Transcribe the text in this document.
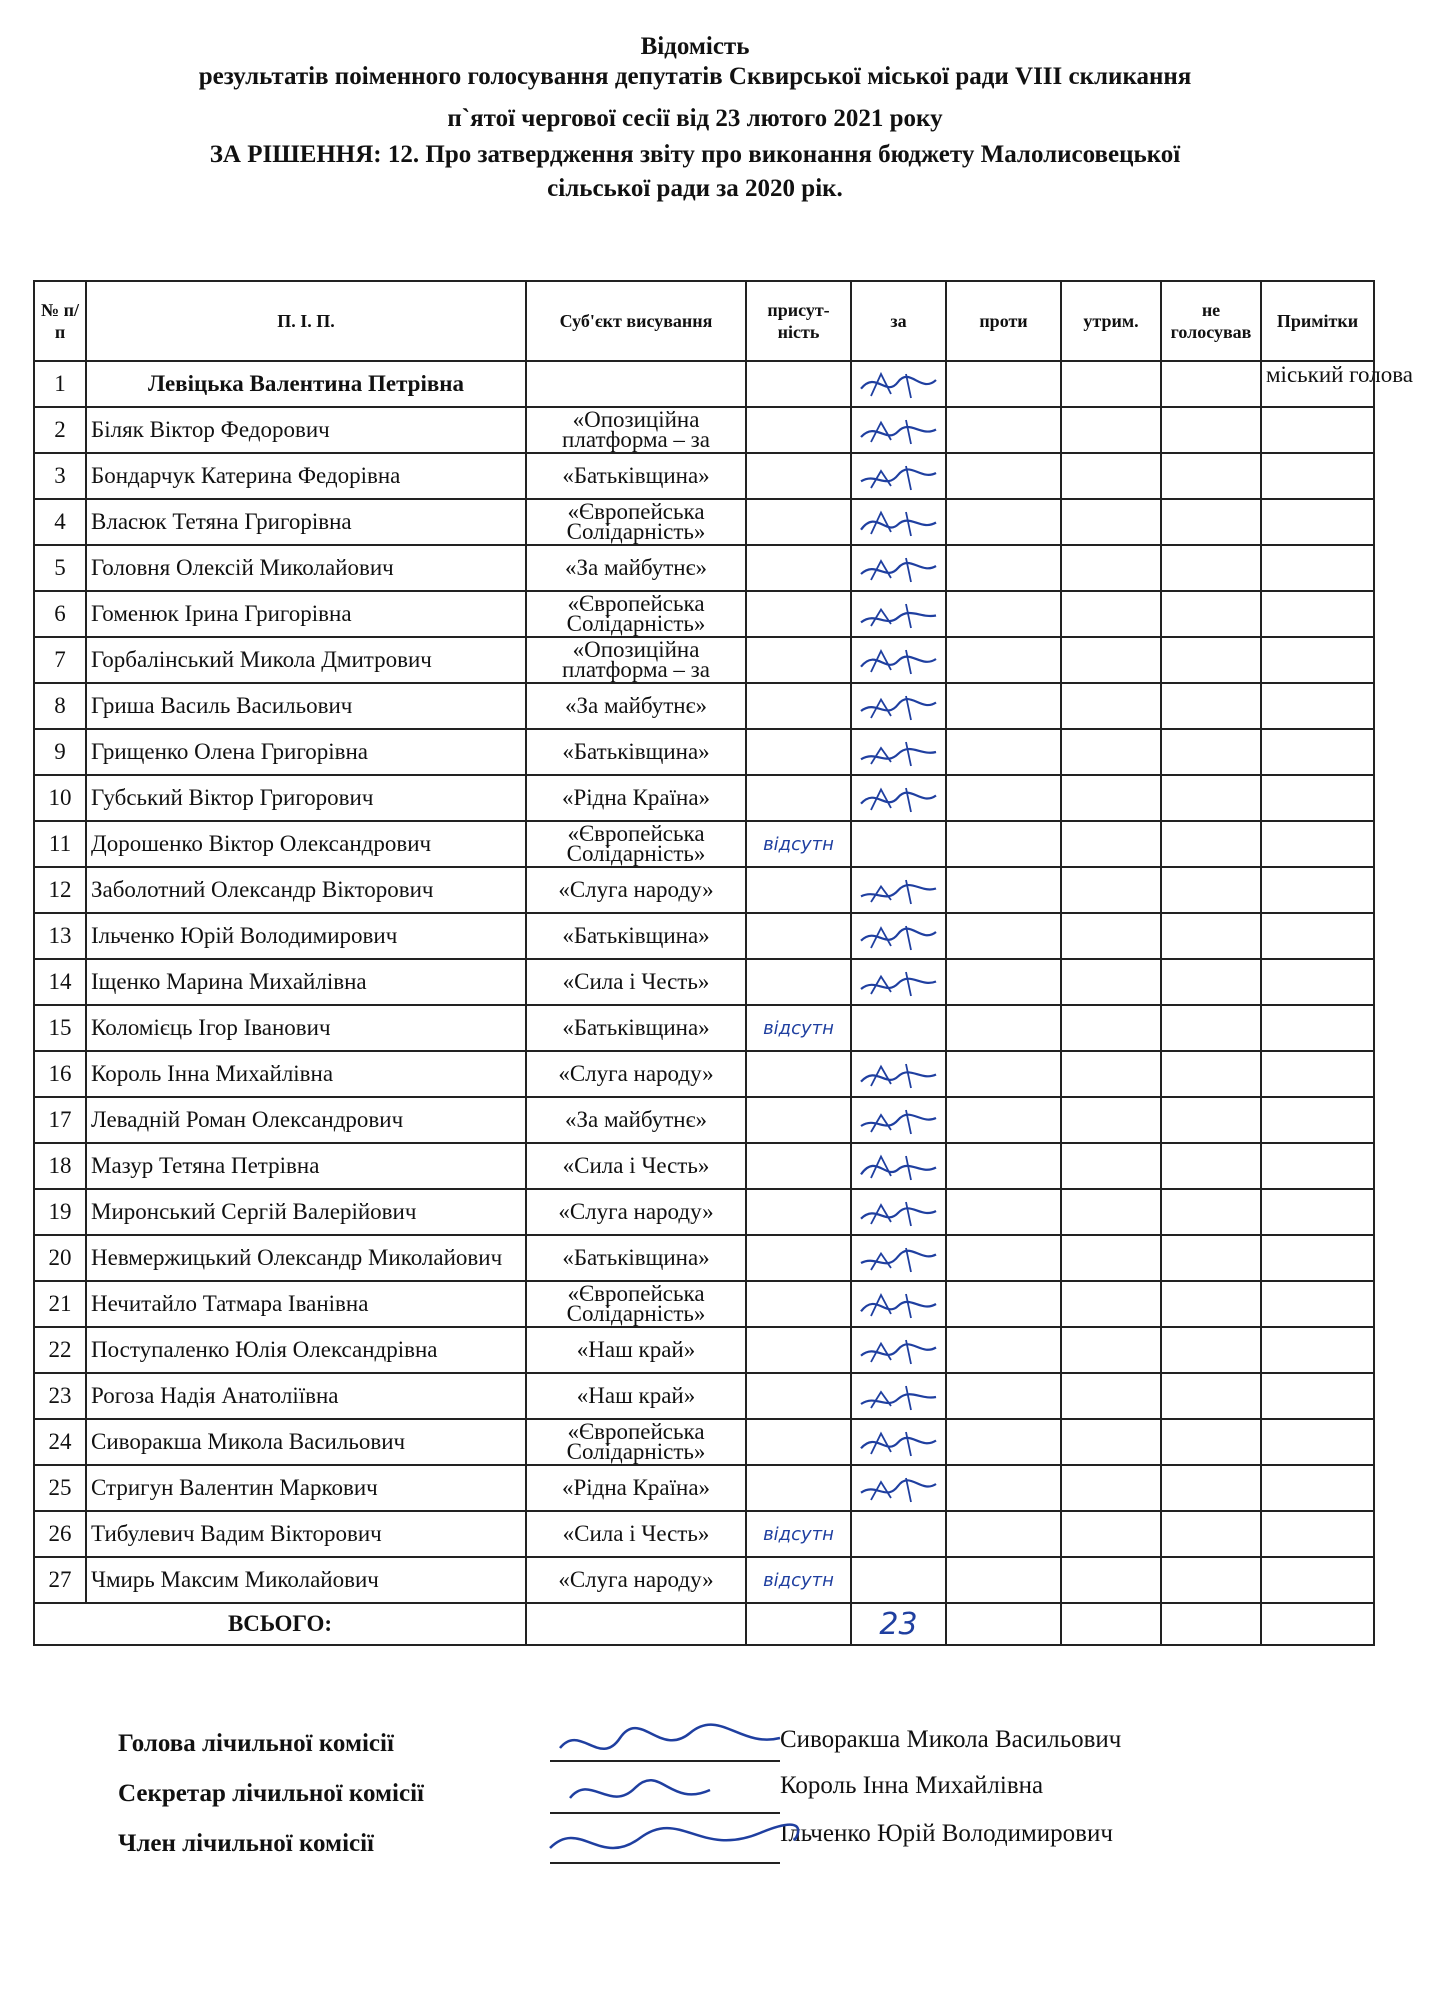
Відомість
результатів поіменного голосування депутатів Сквирської міської ради VIII скликання
п`ятої чергової сесії від 23 лютого 2021 року
ЗА РІШЕННЯ: 12. Про затвердження звіту про виконання бюджету Малолисовецької
сільської ради за 2020 рік.
№ п/п	П. І. П.	Суб'єкт висування	присут-ність	за	проти	утрим.	не голосував	Примітки
1	Левіцька Валентина Петрівна							міський голова
2	Біляк Віктор Федорович	«Опозиційна платформа – за		

3	Бондарчук Катерина Федорівна	«Батьківщина»		

4	Власюк Тетяна Григорівна	«Європейська Солідарність»		

5	Головня Олексій Миколайович	«За майбутнє»		

6	Гоменюк Ірина Григорівна	«Європейська Солідарність»		

7	Горбалінський Микола Дмитрович	«Опозиційна платформа – за		

8	Гриша Василь Васильович	«За майбутнє»		

9	Грищенко Олена Григорівна	«Батьківщина»		

10	Губський Віктор Григорович	«Рідна Країна»		

11	Дорошенко Віктор Олександрович	«Європейська Солідарність»	відсутн					
12	Заболотний Олександр Вікторович	«Слуга народу»		

13	Ільченко Юрій Володимирович	«Батьківщина»		

14	Іщенко Марина Михайлівна	«Сила і Честь»		

15	Коломієць Ігор Іванович	«Батьківщина»	відсутн					
16	Король Інна Михайлівна	«Слуга народу»		

17	Левадній Роман Олександрович	«За майбутнє»		

18	Мазур Тетяна Петрівна	«Сила і Честь»		

19	Миронський Сергій Валерійович	«Слуга народу»		

20	Невмержицький Олександр Миколайович	«Батьківщина»		

21	Нечитайло Татмара Іванівна	«Європейська Солідарність»		

22	Поступаленко Юлія Олександрівна	«Наш край»		

23	Рогоза Надія Анатоліївна	«Наш край»		

24	Сиворакша Микола Васильович	«Європейська Солідарність»		

25	Стригун Валентин Маркович	«Рідна Країна»		

26	Тибулевич Вадим Вікторович	«Сила і Честь»	відсутн					
27	Чмирь Максим Миколайович	«Слуга народу»	відсутн					
ВСЬОГО:				23				
Голова лічильної комісії	Сиворакша Микола Васильович
Секретар лічильної комісії	Король Інна Михайлівна
Член лічильної комісії	Ільченко Юрій Володимирович
